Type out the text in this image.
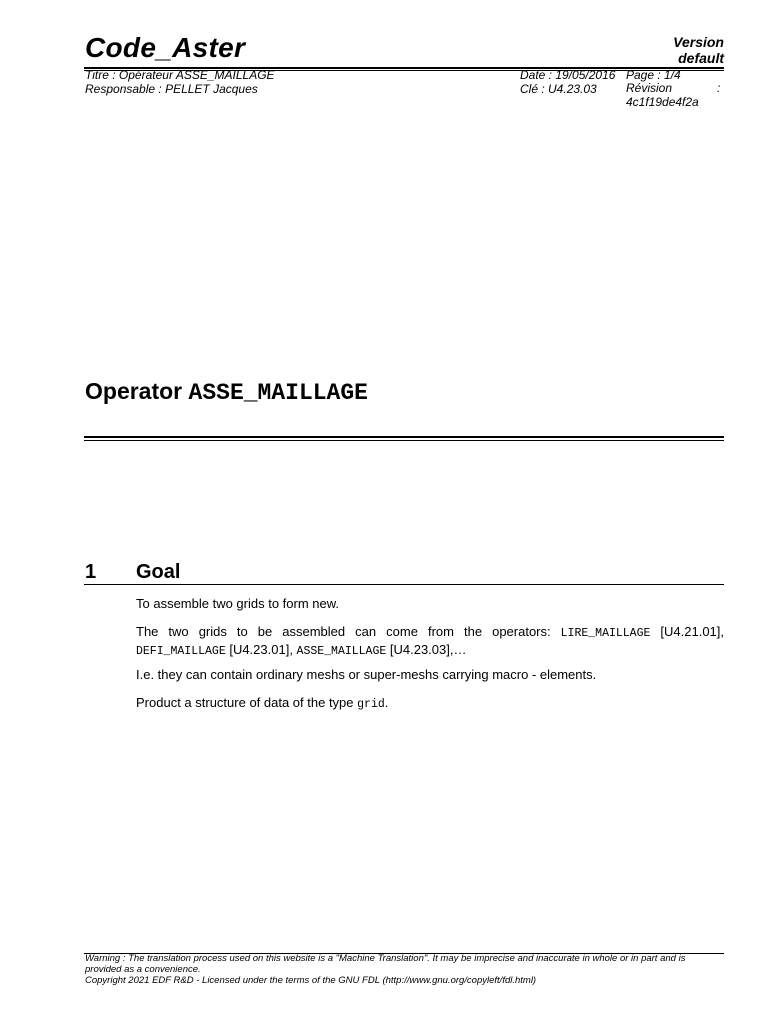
Code_Aster	Version
default
Titre : Opérateur ASSE_MAILLAGE
Responsable : PELLET Jacques
Date : 19/05/2016
Clé : U4.23.03
Page : 1/4
Révision	:
4c1f19de4f2a
Operator ASSE_MAILLAGE
1 Goal
To assemble two grids to form new.
The two grids to be assembled can come from the operators: LIRE_MAILLAGE [U4.21.01], DEFI_MAILLAGE [U4.23.01], ASSE_MAILLAGE [U4.23.03],…
I.e. they can contain ordinary meshs or super-meshs carrying macro - elements.
Product a structure of data of the type grid.
Warning : The translation process used on this website is a "Machine Translation". It may be imprecise and inaccurate in whole or in part and is provided as a convenience.
Copyright 2021 EDF R&D - Licensed under the terms of the GNU FDL (http://www.gnu.org/copyleft/fdl.html)
